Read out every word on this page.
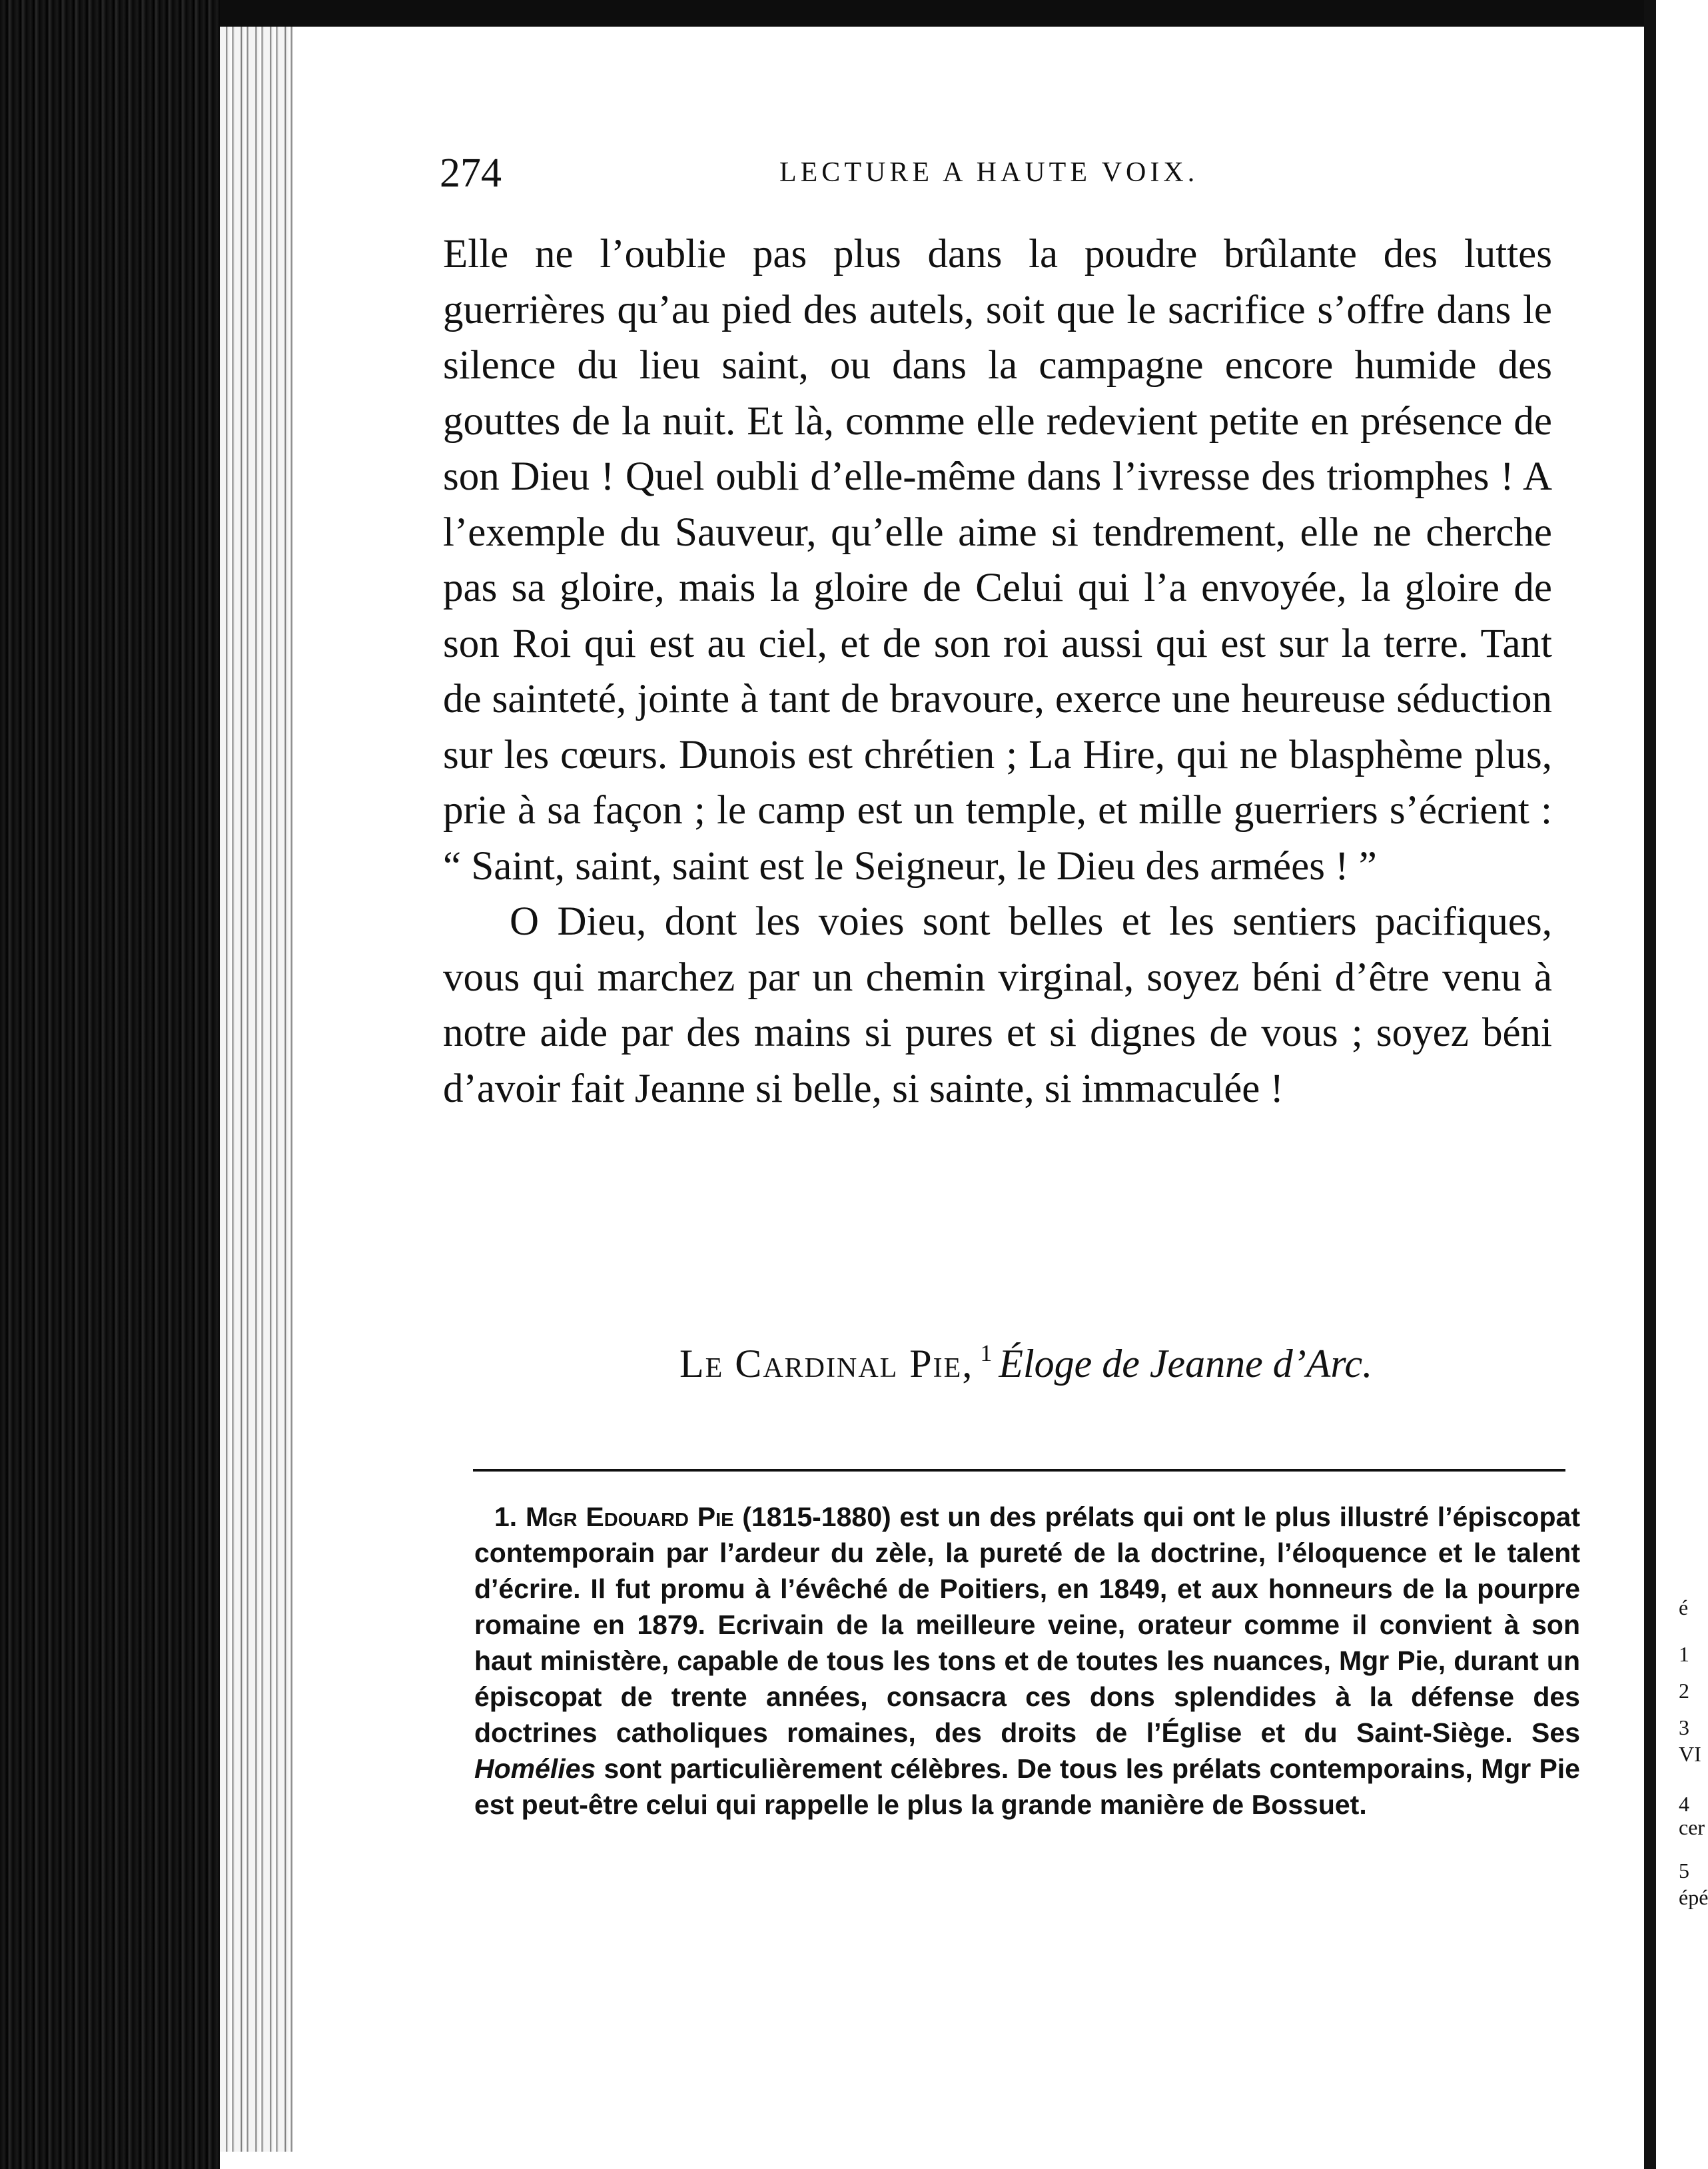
274	LECTURE A HAUTE VOIX.

Elle ne l’oublie pas plus dans la poudre brûlante des luttes guerrières qu’au pied des autels, soit que le sacrifice s’offre dans le silence du lieu saint, ou dans la campagne encore humide des gouttes de la nuit. Et là, comme elle redevient petite en présence de son Dieu ! Quel oubli d’elle-même dans l’ivresse des triomphes ! A l’exemple du Sauveur, qu’elle aime si tendrement, elle ne cherche pas sa gloire, mais la gloire de Celui qui l’a envoyée, la gloire de son Roi qui est au ciel, et de son roi aussi qui est sur la terre. Tant de sainteté, jointe à tant de bravoure, exerce une heureuse séduction sur les cœurs. Dunois est chrétien ; La Hire, qui ne blasphème plus, prie à sa façon ; le camp est un temple, et mille guerriers s’écrient : “ Saint, saint, saint est le Seigneur, le Dieu des armées ! ”

O Dieu, dont les voies sont belles et les sentiers pacifiques, vous qui marchez par un chemin virginal, soyez béni d’être venu à notre aide par des mains si pures et si dignes de vous ; soyez béni d’avoir fait Jeanne si belle, si sainte, si immaculée !

Le Cardinal Pie, $^1$ Éloge de Jeanne d’Arc.
1. Mgr Edouard Pie (1815-1880) est un des prélats qui ont le plus illustré l’épiscopat contemporain par l’ardeur du zèle, la pureté de la doctrine, l’éloquence et le talent d’écrire. Il fut promu à l’évêché de Poitiers, en 1849, et aux honneurs de la pourpre romaine en 1879. Ecrivain de la meilleure veine, orateur comme il convient à son haut ministère, capable de tous les tons et de toutes les nuances, Mgr Pie, durant un épiscopat de trente années, consacra ces dons splendides à la défense des doctrines catholiques romaines, des droits de l’Église et du Saint-Siège. Ses Homélies sont particulièrement célèbres. De tous les prélats contemporains, Mgr Pie est peut-être celui qui rappelle le plus la grande manière de Bossuet.
é
1
2
3
VI
4
cer
5
épé
